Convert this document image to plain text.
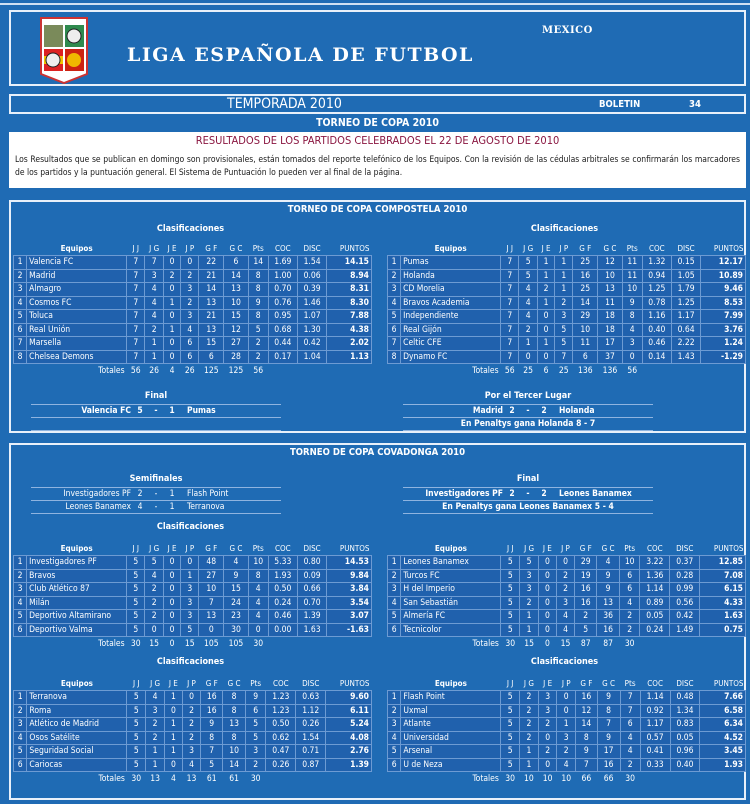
MEXICO
LIGA ESPAÑOLA DE FUTBOL
TEMPORADA 2010	BOLETIN	34
TORNEO DE COPA 2010
RESULTADOS DE LOS PARTIDOS CELEBRADOS EL 22 DE AGOSTO DE 2010

Los Resultados que se publican en domingo son provisionales, están tomados del reporte telefónico de los Equipos. Con la revisión de las cédulas arbitrales se confirmarán los marcadores de los partidos y la puntuación general. El Sistema de Puntuación lo pueden ver al final de la página.

TORNEO DE COPA COMPOSTELA 2010
Clasificaciones	Clasificaciones
	Equipos	J J	J G	J E	J P	G F	G C	Pts	COC	DISC	PUNTOS
1	Valencia FC	7	7	0	0	22	6	14	1.69	1.54	14.15
2	Madrid	7	3	2	2	21	14	8	1.00	0.06	8.94
3	Almagro	7	4	0	3	14	13	8	0.70	0.39	8.31
4	Cosmos FC	7	4	1	2	13	10	9	0.76	1.46	8.30
5	Toluca	7	4	0	3	21	15	8	0.95	1.07	7.88
6	Real Unión	7	2	1	4	13	12	5	0.68	1.30	4.38
7	Marsella	7	1	0	6	15	27	2	0.44	0.42	2.02
8	Chelsea Demons	7	1	0	6	6	28	2	0.17	1.04	1.13
	Totales	56	26	4	26	125	125	56			
	Equipos	J J	J G	J E	J P	G F	G C	Pts	COC	DISC	PUNTOS
1	Pumas	7	5	1	1	25	12	11	1.32	0.15	12.17
2	Holanda	7	5	1	1	16	10	11	0.94	1.05	10.89
3	CD Morelia	7	4	2	1	25	13	10	1.25	1.79	9.46
4	Bravos Academia	7	4	1	2	14	11	9	0.78	1.25	8.53
5	Independiente	7	4	0	3	29	18	8	1.16	1.17	7.99
6	Real Gijón	7	2	0	5	10	18	4	0.40	0.64	3.76
7	Celtic CFE	7	1	1	5	11	17	3	0.46	2.22	1.24
8	Dynamo FC	7	0	0	7	6	37	0	0.14	1.43	-1.29
	Totales	56	25	6	25	136	136	56			
Final
Valencia FC 5	-	1	Pumas
Por el Tercer Lugar
Madrid 2	-	2	Holanda
En Penaltys gana Holanda 8 - 7
TORNEO DE COPA COVADONGA 2010
Semifinales
Investigadores PF 2	-	1	Flash Point
Leones Banamex 4	-	1	Terranova
Final
Investigadores PF 2	-	2	Leones Banamex
En Penaltys gana Leones Banamex 5 - 4
Clasificaciones
	Equipos	J J	J G	J E	J P	G F	G C	Pts	COC	DISC	PUNTOS
1	Investigadores PF	5	5	0	0	48	4	10	5.33	0.80	14.53
2	Bravos	5	4	0	1	27	9	8	1.93	0.09	9.84
3	Club Atlético 87	5	2	0	3	10	15	4	0.50	0.66	3.84
4	Milán	5	2	0	3	7	24	4	0.24	0.70	3.54
5	Deportivo Altamirano	5	2	0	3	13	23	4	0.46	1.39	3.07
6	Deportivo Valma	5	0	0	5	0	30	0	0.00	1.63	-1.63
	Totales	30	15	0	15	105	105	30			
	Equipos	J J	J G	J E	J P	G F	G C	Pts	COC	DISC	PUNTOS
1	Leones Banamex	5	5	0	0	29	4	10	3.22	0.37	12.85
2	Turcos FC	5	3	0	2	19	9	6	1.36	0.28	7.08
3	H del Imperio	5	3	0	2	16	9	6	1.14	0.99	6.15
4	San Sebastián	5	2	0	3	16	13	4	0.89	0.56	4.33
5	Almería FC	5	1	0	4	2	36	2	0.05	0.42	1.63
6	Tecnicolor	5	1	0	4	5	16	2	0.24	1.49	0.75
	Totales	30	15	0	15	87	87	30			
Clasificaciones	Clasificaciones
	Equipos	J J	J G	J E	J P	G F	G C	Pts	COC	DISC	PUNTOS
1	Terranova	5	4	1	0	16	8	9	1.23	0.63	9.60
2	Roma	5	3	0	2	16	8	6	1.23	1.12	6.11
3	Atlético de Madrid	5	2	1	2	9	13	5	0.50	0.26	5.24
4	Osos Satélite	5	2	1	2	8	8	5	0.62	1.54	4.08
5	Seguridad Social	5	1	1	3	7	10	3	0.47	0.71	2.76
6	Cariocas	5	1	0	4	5	14	2	0.26	0.87	1.39
	Totales	30	13	4	13	61	61	30			
	Equipos	J J	J G	J E	J P	G F	G C	Pts	COC	DISC	PUNTOS
1	Flash Point	5	2	3	0	16	9	7	1.14	0.48	7.66
2	Uxmal	5	2	3	0	12	8	7	0.92	1.34	6.58
3	Atlante	5	2	2	1	14	7	6	1.17	0.83	6.34
4	Universidad	5	2	0	3	8	9	4	0.57	0.05	4.52
5	Arsenal	5	1	2	2	9	17	4	0.41	0.96	3.45
6	U de Neza	5	1	0	4	7	16	2	0.33	0.40	1.93
	Totales	30	10	10	10	66	66	30			
